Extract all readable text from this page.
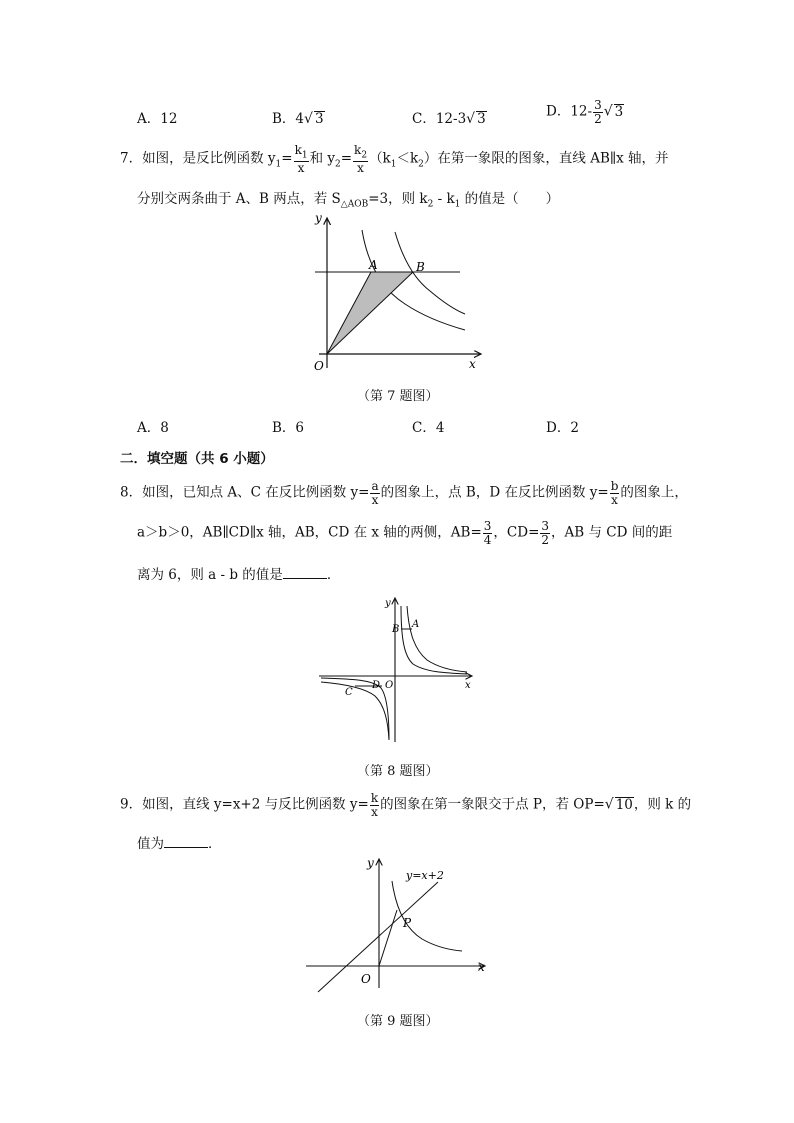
A．12	B．4√ 3	C．12-3√ 3	D．$12- \frac{3}{2}$ √ 3
7．如图，是反比例函数 $y_1= \frac{k_1}{x}$ 和 $y_2= \frac{k_2}{x} (k_1<k_2)$在第一象限的图象，直线 AB∥x 轴，并
分别交两条曲于 A、B 两点，若 $S_{\triangle AOB}=3$，则 $k_2 - k_1$ 的值是（　　）
y
x
O
A	B
（第 7 题图）
A．8	B．6	C．4	D．2
二．填空题（共 6 小题）
8．如图，已知点 A、C 在反比例函数 $y= \frac{a}{x}$ 的图象上，点 B，D 在反比例函数 $y= \frac{b}{x}$ 的图象上，
a＞b＞0，AB∥CD∥x 轴，AB，CD 在 x 轴的两侧，$AB= \frac{3}{4}$ ，$CD= \frac{3}{2}$ ，AB 与 CD 间的距
离为 6，则 a - b 的值是	．
y
x
O
A
B
C
D
（第 8 题图）
9．如图，直线 y=x+2 与反比例函数 $y= \frac{k}{x}$ 的图象在第一象限交于点 P，若 OP=√ 10，则 k 的
值为	．
y
x
O
P
y=x+2
（第 9 题图）
